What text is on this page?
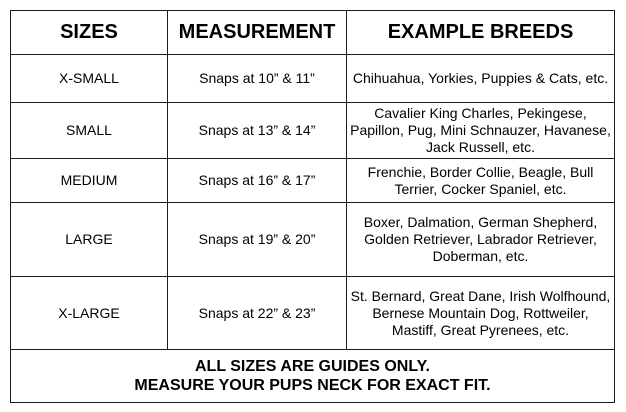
SIZES	MEASUREMENT	EXAMPLE BREEDS
X-SMALL	Snaps at 10” & 11”	Chihuahua, Yorkies, Puppies & Cats, etc.
SMALL	Snaps at 13” & 14”	Cavalier King Charles, Pekingese, Papillon, Pug, Mini Schnauzer, Havanese, Jack Russell, etc.
MEDIUM	Snaps at 16” & 17”	Frenchie, Border Collie, Beagle, Bull Terrier, Cocker Spaniel, etc.
LARGE	Snaps at 19” & 20”	Boxer, Dalmation, German Shepherd, Golden Retriever, Labrador Retriever, Doberman, etc.
X-LARGE	Snaps at 22” & 23”	St. Bernard, Great Dane, Irish Wolfhound, Bernese Mountain Dog, Rottweiler, Mastiff, Great Pyrenees, etc.

ALL SIZES ARE GUIDES ONLY.
MEASURE YOUR PUPS NECK FOR EXACT FIT.		
